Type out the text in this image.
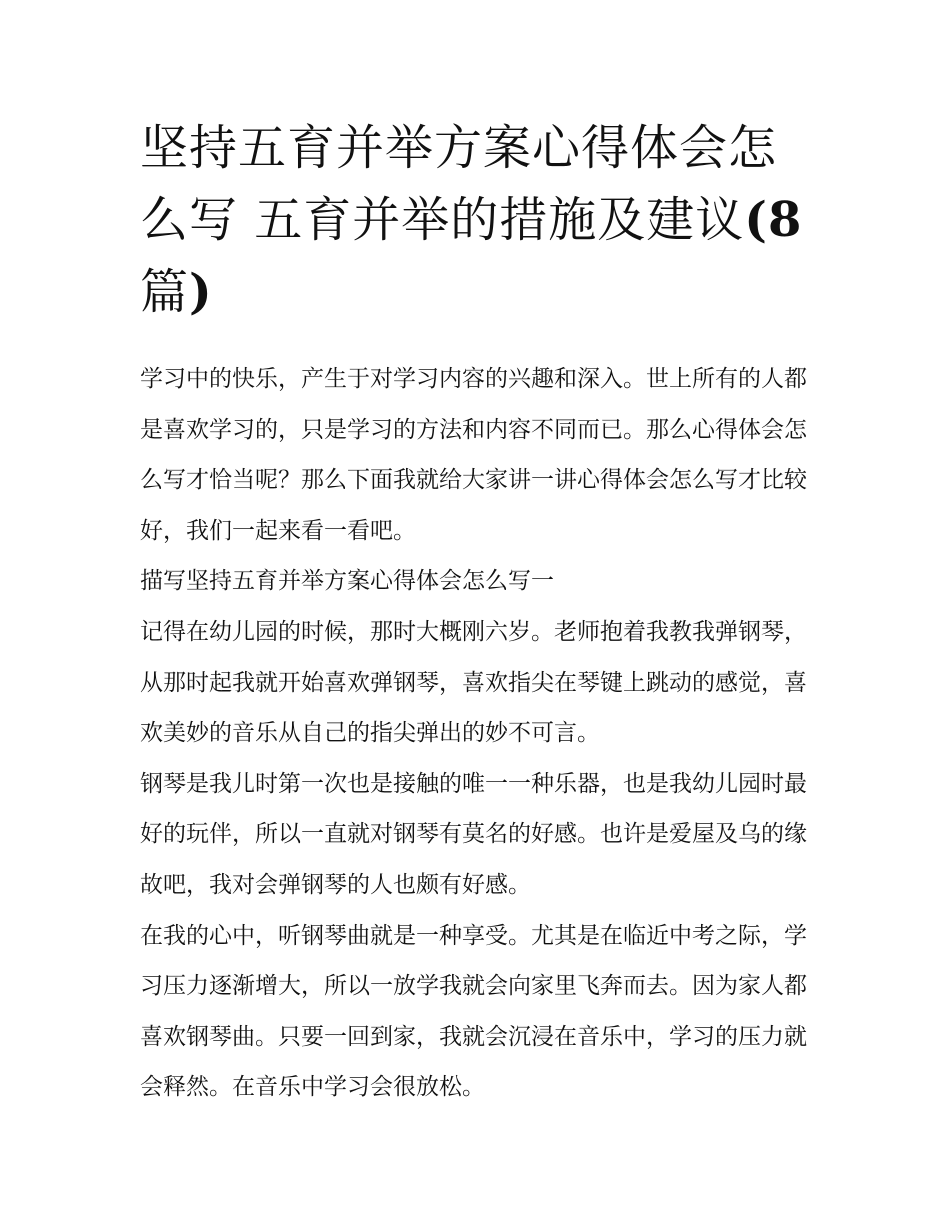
坚持五育并举方案心得体会怎么写 五育并举的措施及建议(8
篇)

学习中的快乐，产生于对学习内容的兴趣和深入。世上所有的人都是喜欢学习的，只是学习的方法和内容不同而已。那么心得体会怎么写才恰当呢？那么下面我就给大家讲一讲心得体会怎么写才比较好，我们一起来看一看吧。

描写坚持五育并举方案心得体会怎么写一

记得在幼儿园的时候，那时大概刚六岁。老师抱着我教我弹钢琴，从那时起我就开始喜欢弹钢琴，喜欢指尖在琴键上跳动的感觉，喜欢美妙的音乐从自己的指尖弹出的妙不可言。

钢琴是我儿时第一次也是接触的唯一一种乐器，也是我幼儿园时最好的玩伴，所以一直就对钢琴有莫名的好感。也许是爱屋及乌的缘故吧，我对会弹钢琴的人也颇有好感。

在我的心中，听钢琴曲就是一种享受。尤其是在临近中考之际，学习压力逐渐增大，所以一放学我就会向家里飞奔而去。因为家人都喜欢钢琴曲。只要一回到家，我就会沉浸在音乐中，学习的压力就会释然。在音乐中学习会很放松。
